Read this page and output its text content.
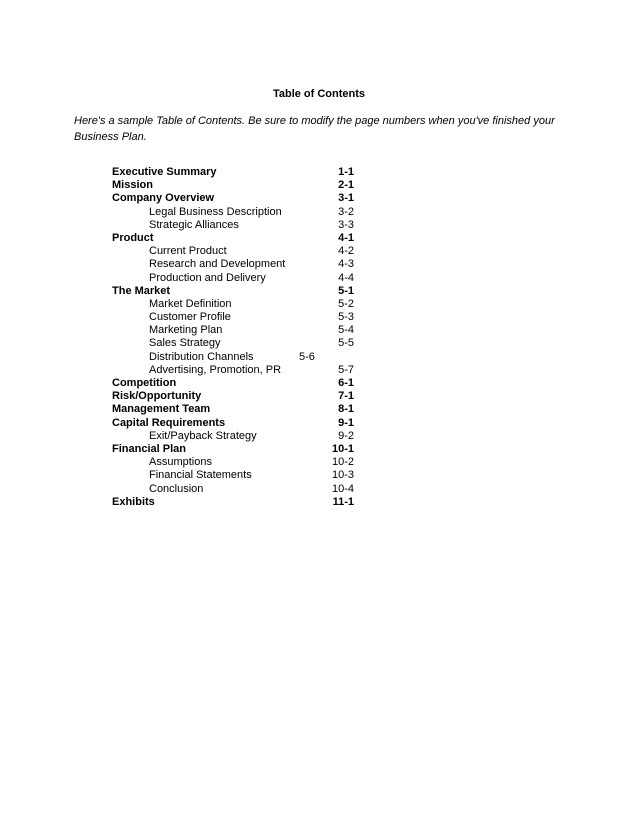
Table of Contents
Here's a sample Table of Contents. Be sure to modify the page numbers when you've finished your Business Plan.
Executive Summary	1-1
Mission	2-1
Company Overview	3-1
Legal Business Description	3-2
Strategic Alliances	3-3
Product	4-1
Current Product	4-2
Research and Development	4-3
Production and Delivery	4-4
The Market	5-1
Market Definition	5-2
Customer Profile	5-3
Marketing Plan	5-4
Sales Strategy	5-5
Distribution Channels	5-6
Advertising, Promotion, PR	5-7
Competition	6-1
Risk/Opportunity	7-1
Management Team	8-1
Capital Requirements	9-1
Exit/Payback Strategy	9-2
Financial Plan	10-1
Assumptions	10-2
Financial Statements	10-3
Conclusion	10-4
Exhibits	11-1
